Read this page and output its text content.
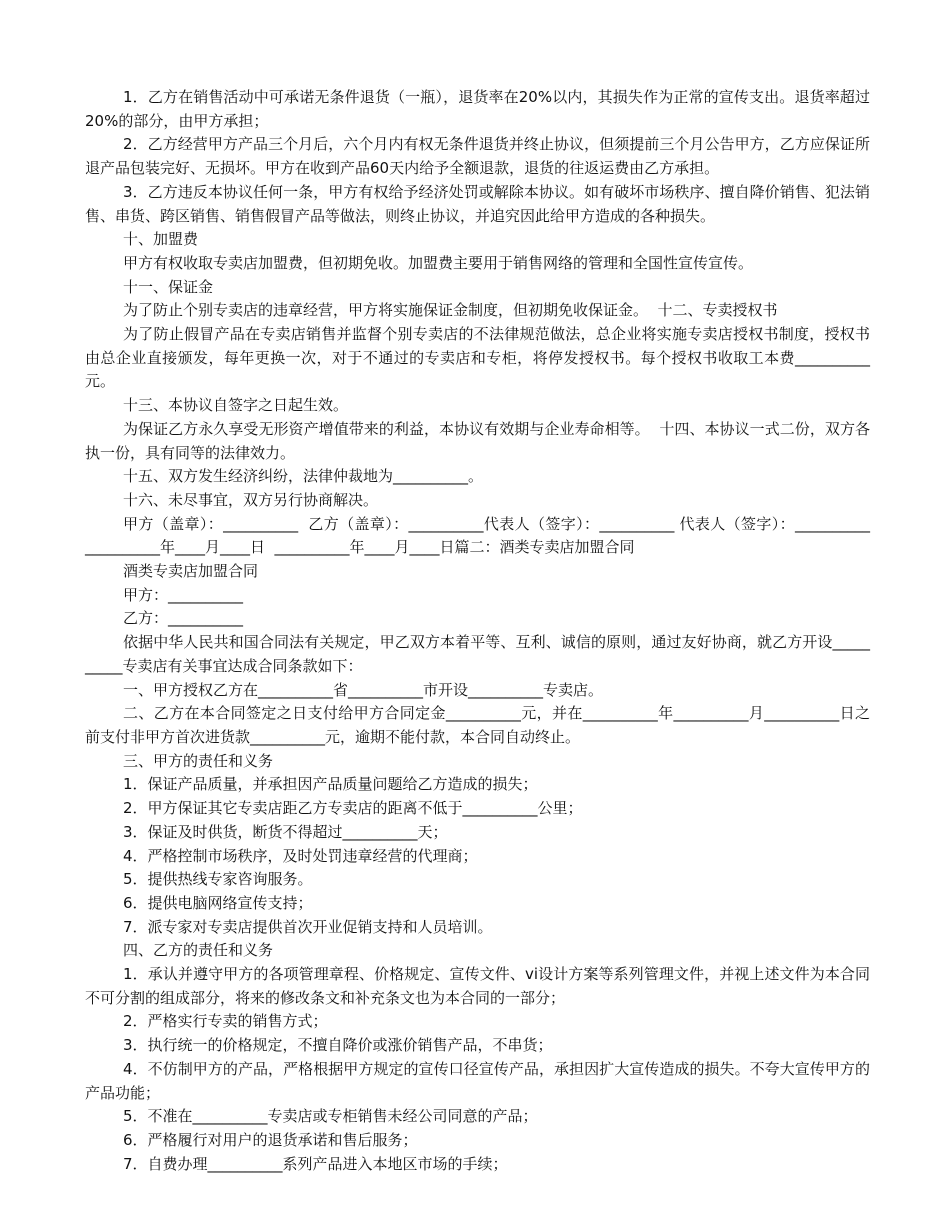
1．乙方在销售活动中可承诺无条件退货（一瓶），退货率在20%以内，其损失作为正常的宣传支出。退货率超过20%的部分，由甲方承担；

2．乙方经营甲方产品三个月后，六个月内有权无条件退货并终止协议，但须提前三个月公告甲方，乙方应保证所退产品包装完好、无损坏。甲方在收到产品60天内给予全额退款，退货的往返运费由乙方承担。

3．乙方违反本协议任何一条，甲方有权给予经济处罚或解除本协议。如有破坏市场秩序、擅自降价销售、犯法销售、串货、跨区销售、销售假冒产品等做法，则终止协议，并追究因此给甲方造成的各种损失。

十、加盟费

甲方有权收取专卖店加盟费，但初期免收。加盟费主要用于销售网络的管理和全国性宣传宣传。

十一、保证金

为了防止个别专卖店的违章经营，甲方将实施保证金制度，但初期免收保证金。  十二、专卖授权书

为了防止假冒产品在专卖店销售并监督个别专卖店的不法律规范做法，总企业将实施专卖店授权书制度，授权书由总企业直接颁发，每年更换一次，对于不通过的专卖店和专柜，将停发授权书。每个授权书收取工本费__________元。

十三、本协议自签字之日起生效。

为保证乙方永久享受无形资产增值带来的利益，本协议有效期与企业寿命相等。  十四、本协议一式二份，双方各执一份，具有同等的法律效力。

十五、双方发生经济纠纷，法律仲裁地为__________。

十六、未尽事宜，双方另行协商解决。

甲方（盖章）：__________  乙方（盖章）：__________代表人（签字）：__________ 代表人（签字）：__________  __________年____月____日  __________年____月____日篇二：酒类专卖店加盟合同

酒类专卖店加盟合同

甲方：__________

乙方：__________

依据中华人民共和国合同法有关规定，甲乙双方本着平等、互利、诚信的原则，通过友好协商，就乙方开设__________专卖店有关事宜达成合同条款如下：

一、甲方授权乙方在__________省__________市开设__________专卖店。

二、乙方在本合同签定之日支付给甲方合同定金__________元，并在__________年__________月__________日之前支付非甲方首次进货款__________元，逾期不能付款，本合同自动终止。

三、甲方的责任和义务

1．保证产品质量，并承担因产品质量问题给乙方造成的损失；

2．甲方保证其它专卖店距乙方专卖店的距离不低于__________公里；

3．保证及时供货，断货不得超过__________天；

4．严格控制市场秩序，及时处罚违章经营的代理商；

5．提供热线专家咨询服务。

6．提供电脑网络宣传支持；

7．派专家对专卖店提供首次开业促销支持和人员培训。

四、乙方的责任和义务

1．承认并遵守甲方的各项管理章程、价格规定、宣传文件、vi设计方案等系列管理文件，并视上述文件为本合同不可分割的组成部分，将来的修改条文和补充条文也为本合同的一部分；

2．严格实行专卖的销售方式；

3．执行统一的价格规定，不擅自降价或涨价销售产品，不串货；

4．不仿制甲方的产品，严格根据甲方规定的宣传口径宣传产品，承担因扩大宣传造成的损失。不夸大宣传甲方的产品功能；

5．不准在__________专卖店或专柜销售未经公司同意的产品；

6．严格履行对用户的退货承诺和售后服务；

7．自费办理__________系列产品进入本地区市场的手续；
